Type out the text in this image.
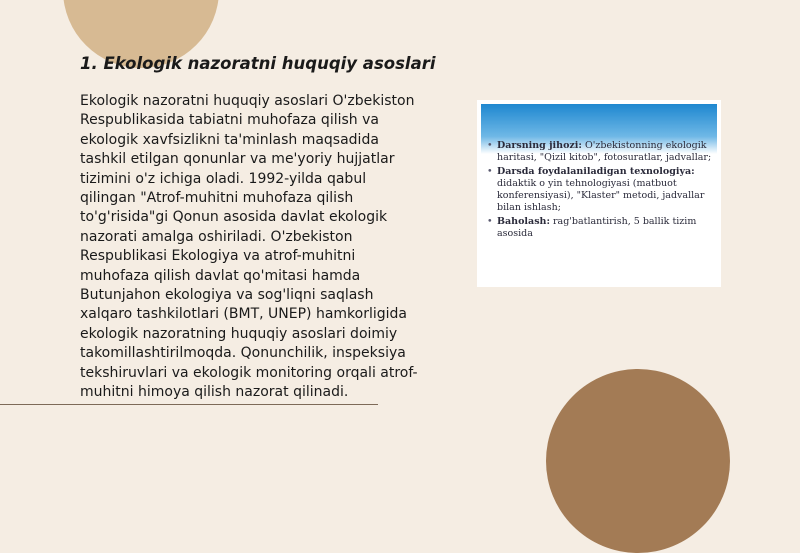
1. Ekologik nazoratni huquqiy asoslari

Ekologik nazoratni huquqiy asoslari O'zbekiston Respublikasida tabiatni muhofaza qilish va ekologik xavfsizlikni ta'minlash maqsadida tashkil etilgan qonunlar va me'yoriy hujjatlar tizimini o'z ichiga oladi. 1992-yilda qabul qilingan "Atrof-muhitni muhofaza qilish to'g'risida"gi Qonun asosida davlat ekologik nazorati amalga oshiriladi. O'zbekiston Respublikasi Ekologiya va atrof-muhitni muhofaza qilish davlat qo'mitasi hamda Butunjahon ekologiya va sog'liqni saqlash xalqaro tashkilotlari (BMT, UNEP) hamkorligida ekologik nazoratning huquqiy asoslari doimiy takomillashtirilmoqda. Qonunchilik, inspeksiya tekshiruvlari va ekologik monitoring orqali atrof-muhitni himoya qilish nazorat qilinadi.

• Darsning jihozi: O'zbekistonning ekologik haritasi, "Qizil kitob", fotosuratlar, jadvallar;
• Darsda foydalaniladigan texnologiya: didaktik o yin tehnologiyasi (matbuot konferensiyasi), "Klaster" metodi, jadvallar bilan ishlash;
• Baholash: rag'batlantirish, 5 ballik tizim asosida
